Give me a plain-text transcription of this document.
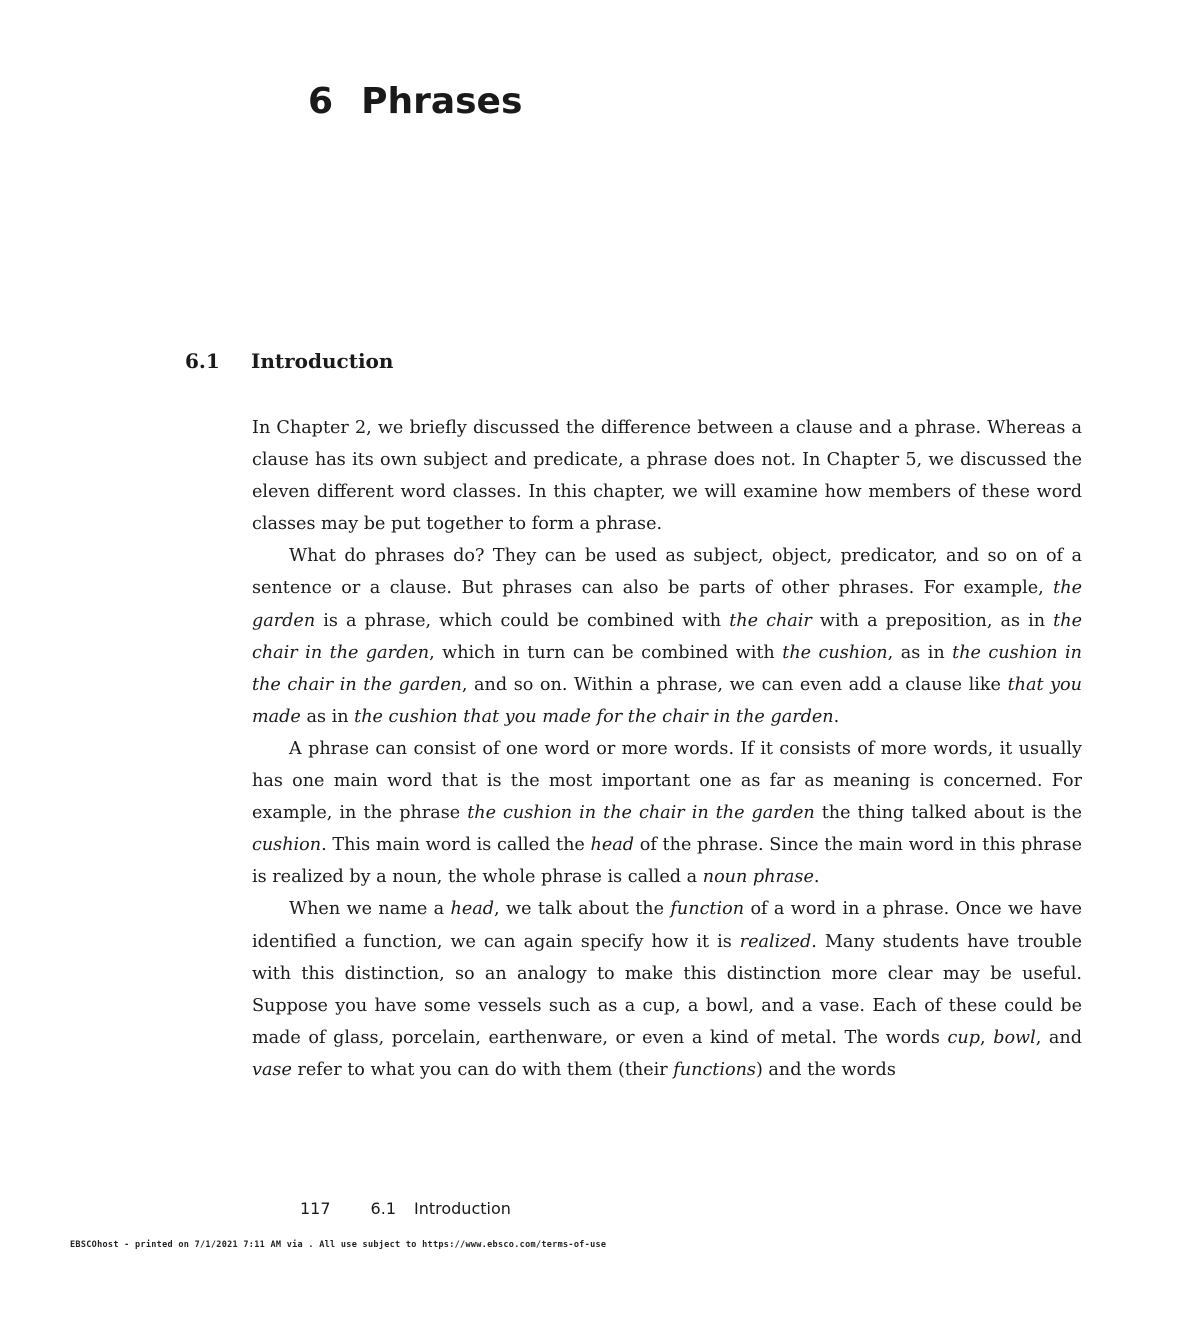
6 Phrases
6.1 Introduction

In Chapter 2, we briefly discussed the difference between a clause and a phrase. Whereas a clause has its own subject and predicate, a phrase does not. In Chapter 5, we discussed the eleven different word classes. In this chapter, we will examine how members of these word classes may be put together to form a phrase.

What do phrases do? They can be used as subject, object, predicator, and so on of a sentence or a clause. But phrases can also be parts of other phrases. For example, the garden is a phrase, which could be combined with the chair with a preposition, as in the chair in the garden, which in turn can be combined with the cushion, as in the cushion in the chair in the garden, and so on. Within a phrase, we can even add a clause like that you made as in the cushion that you made for the chair in the garden.

A phrase can consist of one word or more words. If it consists of more words, it usually has one main word that is the most important one as far as meaning is concerned. For example, in the phrase the cushion in the chair in the garden the thing talked about is the cushion. This main word is called the head of the phrase. Since the main word in this phrase is realized by a noun, the whole phrase is called a noun phrase.

When we name a head, we talk about the function of a word in a phrase. Once we have identified a function, we can again specify how it is realized. Many students have trouble with this distinction, so an analogy to make this distinction more clear may be useful. Suppose you have some vessels such as a cup, a bowl, and a vase. Each of these could be made of glass, porcelain, earthenware, or even a kind of metal. The words cup, bowl, and vase refer to what you can do with them (their functions) and the words

117	6.1 Introduction
EBSCOhost - printed on 7/1/2021 7:11 AM via . All use subject to https://www.ebsco.com/terms-of-use
